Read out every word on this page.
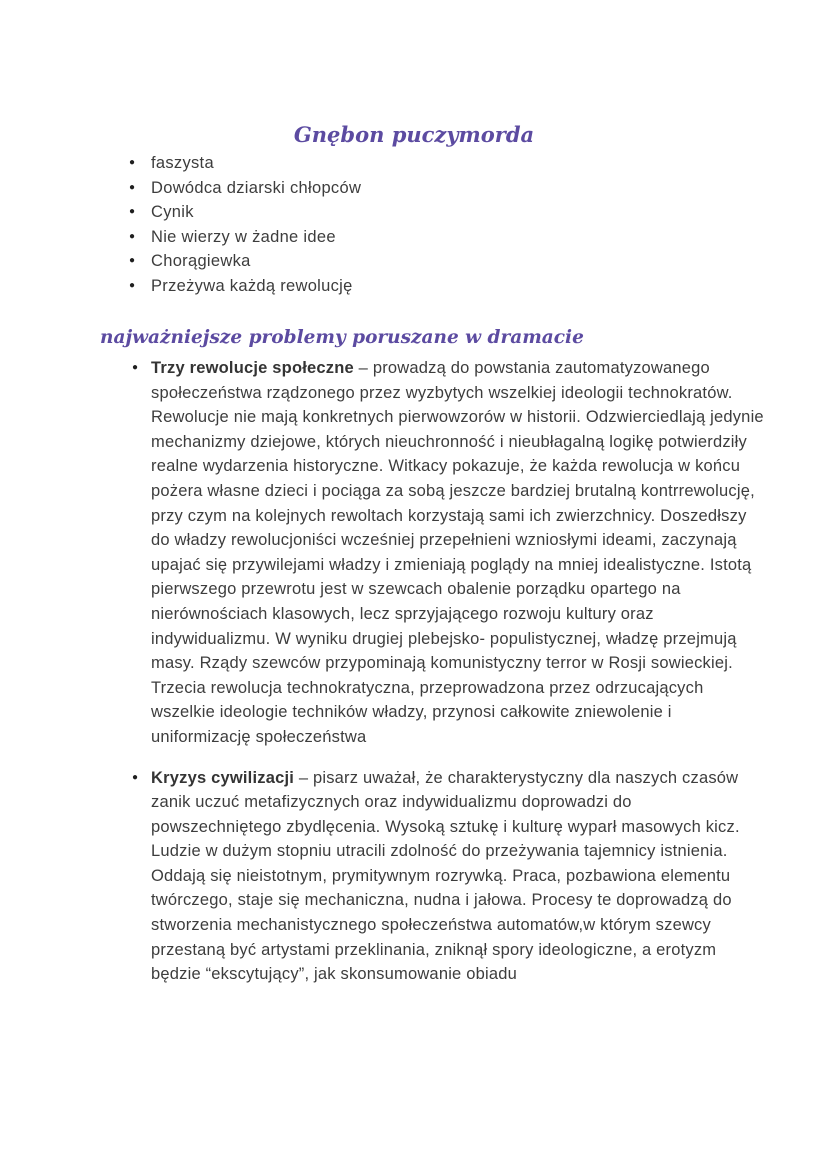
Gnębon puczymorda
● faszysta
● Dowódca dziarski chłopców
● Cynik
● Nie wierzy w żadne idee
● Chorągiewka
● Przeżywa każdą rewolucję
najważniejsze problemy poruszane w dramacie
● Trzy rewolucje społeczne – prowadzą do powstania zautomatyzowanego społeczeństwa rządzonego przez wyzbytych wszelkiej ideologii technokratów. Rewolucje nie mają konkretnych pierwowzorów w historii. Odzwierciedlają jedynie mechanizmy dziejowe, których nieuchronność i nieubłagalną logikę potwierdziły realne wydarzenia historyczne. Witkacy pokazuje, że każda rewolucja w końcu pożera własne dzieci i pociąga za sobą jeszcze bardziej brutalną kontrrewolucję, przy czym na kolejnych rewoltach korzystają sami ich zwierzchnicy. Doszedłszy do władzy rewolucjoniści wcześniej przepełnieni wzniosłymi ideami, zaczynają upajać się przywilejami władzy i zmieniają poglądy na mniej idealistyczne. Istotą pierwszego przewrotu jest w szewcach obalenie porządku opartego na nierównościach klasowych, lecz sprzyjającego rozwoju kultury oraz indywidualizmu. W wyniku drugiej plebejsko- populistycznej, władzę przejmują masy. Rządy szewców przypominają komunistyczny terror w Rosji sowieckiej. Trzecia rewolucja technokratyczna, przeprowadzona przez odrzucających wszelkie ideologie techników władzy, przynosi całkowite zniewolenie i uniformizację społeczeństwa
● Kryzys cywilizacji – pisarz uważał, że charakterystyczny dla naszych czasów zanik uczuć metafizycznych oraz indywidualizmu doprowadzi do powszechniętego zbydlęcenia. Wysoką sztukę i kulturę wyparł masowych kicz. Ludzie w dużym stopniu utracili zdolność do przeżywania tajemnicy istnienia. Oddają się nieistotnym, prymitywnym rozrywką. Praca, pozbawiona elementu twórczego, staje się mechaniczna, nudna i jałowa. Procesy te doprowadzą do stworzenia mechanistycznego społeczeństwa automatów,w którym szewcy przestaną być artystami przeklinania, zniknął spory ideologiczne, a erotyzm będzie “ekscytujący”, jak skonsumowanie obiadu
